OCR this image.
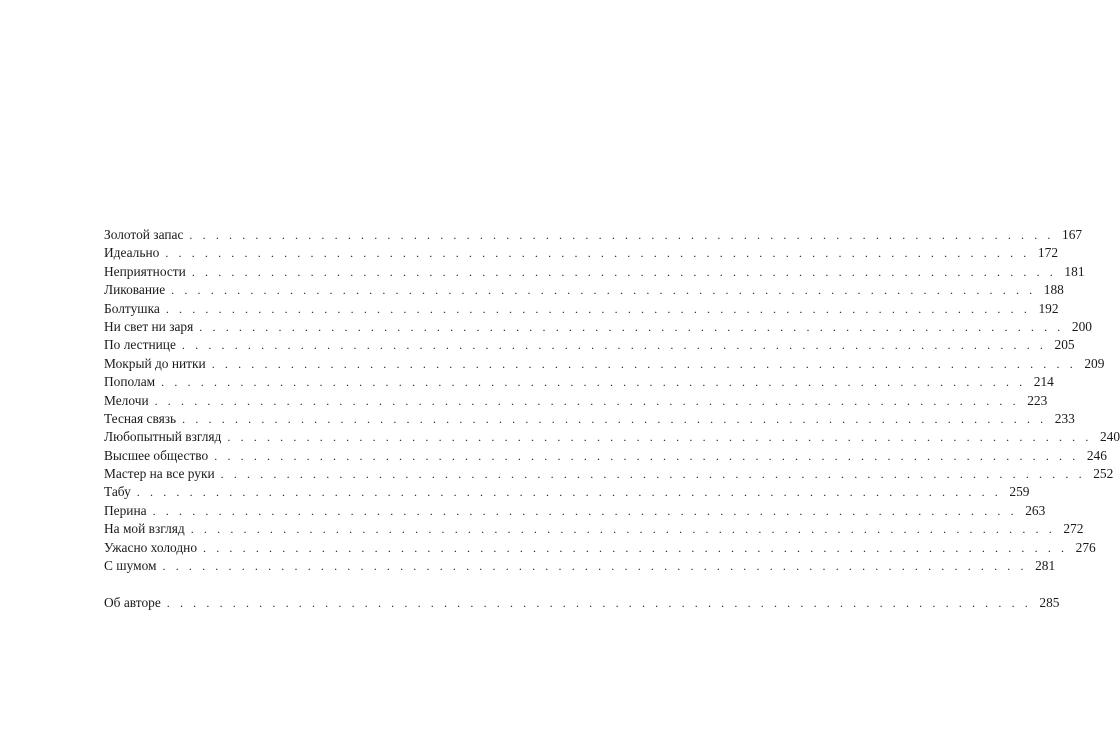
Золотой запас . . . . . . . . . . . . . . . . . . . . . . . . . . . . . . . . . . . . . . . . . . . . . . . . . . . . . . . . . . . . . . . . . . 167
Идеально . . . . . . . . . . . . . . . . . . . . . . . . . . . . . . . . . . . . . . . . . . . . . . . . . . . . . . . . . . . . . . . . . . 172
Неприятности . . . . . . . . . . . . . . . . . . . . . . . . . . . . . . . . . . . . . . . . . . . . . . . . . . . . . . . . . . . . . . . . . . 181
Ликование . . . . . . . . . . . . . . . . . . . . . . . . . . . . . . . . . . . . . . . . . . . . . . . . . . . . . . . . . . . . . . . . . . 188
Болтушка . . . . . . . . . . . . . . . . . . . . . . . . . . . . . . . . . . . . . . . . . . . . . . . . . . . . . . . . . . . . . . . . . . 192
Ни свет ни заря . . . . . . . . . . . . . . . . . . . . . . . . . . . . . . . . . . . . . . . . . . . . . . . . . . . . . . . . . . . . . . . . . . 200
По лестнице . . . . . . . . . . . . . . . . . . . . . . . . . . . . . . . . . . . . . . . . . . . . . . . . . . . . . . . . . . . . . . . . . . 205
Мокрый до нитки . . . . . . . . . . . . . . . . . . . . . . . . . . . . . . . . . . . . . . . . . . . . . . . . . . . . . . . . . . . . . . . . . . 209
Пополам . . . . . . . . . . . . . . . . . . . . . . . . . . . . . . . . . . . . . . . . . . . . . . . . . . . . . . . . . . . . . . . . . . 214
Мелочи . . . . . . . . . . . . . . . . . . . . . . . . . . . . . . . . . . . . . . . . . . . . . . . . . . . . . . . . . . . . . . . . . . 223
Тесная связь . . . . . . . . . . . . . . . . . . . . . . . . . . . . . . . . . . . . . . . . . . . . . . . . . . . . . . . . . . . . . . . . . . 233
Любопытный взгляд . . . . . . . . . . . . . . . . . . . . . . . . . . . . . . . . . . . . . . . . . . . . . . . . . . . . . . . . . . . . . . . . . . 240
Высшее общество . . . . . . . . . . . . . . . . . . . . . . . . . . . . . . . . . . . . . . . . . . . . . . . . . . . . . . . . . . . . . . . . . . 246
Мастер на все руки . . . . . . . . . . . . . . . . . . . . . . . . . . . . . . . . . . . . . . . . . . . . . . . . . . . . . . . . . . . . . . . . . . 252
Табу . . . . . . . . . . . . . . . . . . . . . . . . . . . . . . . . . . . . . . . . . . . . . . . . . . . . . . . . . . . . . . . . . . 259
Перина . . . . . . . . . . . . . . . . . . . . . . . . . . . . . . . . . . . . . . . . . . . . . . . . . . . . . . . . . . . . . . . . . . 263
На мой взгляд . . . . . . . . . . . . . . . . . . . . . . . . . . . . . . . . . . . . . . . . . . . . . . . . . . . . . . . . . . . . . . . . . . 272
Ужасно холодно . . . . . . . . . . . . . . . . . . . . . . . . . . . . . . . . . . . . . . . . . . . . . . . . . . . . . . . . . . . . . . . . . . 276
С шумом . . . . . . . . . . . . . . . . . . . . . . . . . . . . . . . . . . . . . . . . . . . . . . . . . . . . . . . . . . . . . . . . . . 281
Об авторе . . . . . . . . . . . . . . . . . . . . . . . . . . . . . . . . . . . . . . . . . . . . . . . . . . . . . . . . . . . . . . . . . . 285
